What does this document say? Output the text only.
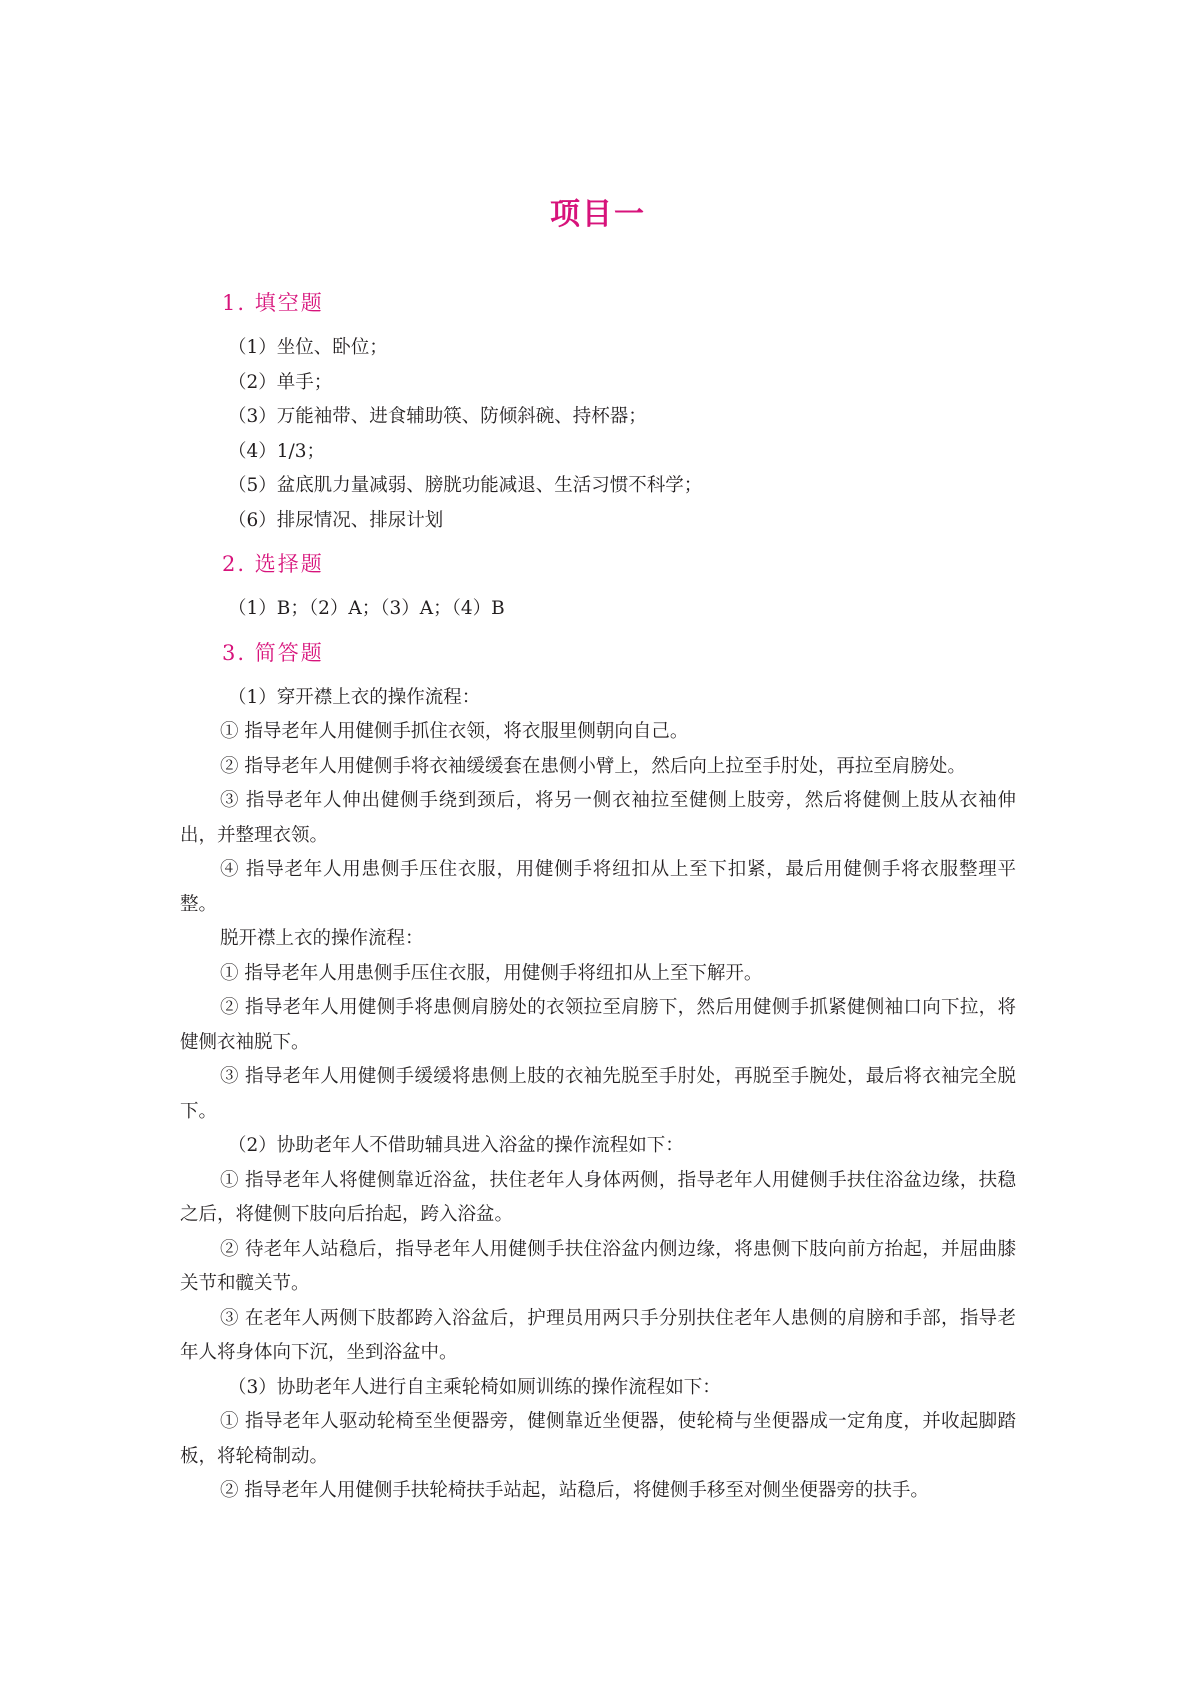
项目一
1. 填空题

（1）坐位、卧位；

（2）单手；

（3）万能袖带、进食辅助筷、防倾斜碗、持杯器；

（4）1/3；

（5）盆底肌力量减弱、膀胱功能减退、生活习惯不科学；

（6）排尿情况、排尿计划

2. 选择题

（1）B；（2）A；（3）A；（4）B

3. 简答题

（1）穿开襟上衣的操作流程：

① 指导老年人用健侧手抓住衣领，将衣服里侧朝向自己。

② 指导老年人用健侧手将衣袖缓缓套在患侧小臂上，然后向上拉至手肘处，再拉至肩膀处。

③ 指导老年人伸出健侧手绕到颈后，将另一侧衣袖拉至健侧上肢旁，然后将健侧上肢从衣袖伸出，并整理衣领。

④ 指导老年人用患侧手压住衣服，用健侧手将纽扣从上至下扣紧，最后用健侧手将衣服整理平整。

脱开襟上衣的操作流程：

① 指导老年人用患侧手压住衣服，用健侧手将纽扣从上至下解开。

② 指导老年人用健侧手将患侧肩膀处的衣领拉至肩膀下，然后用健侧手抓紧健侧袖口向下拉，将健侧衣袖脱下。

③ 指导老年人用健侧手缓缓将患侧上肢的衣袖先脱至手肘处，再脱至手腕处，最后将衣袖完全脱下。

（2）协助老年人不借助辅具进入浴盆的操作流程如下：

① 指导老年人将健侧靠近浴盆，扶住老年人身体两侧，指导老年人用健侧手扶住浴盆边缘，扶稳之后，将健侧下肢向后抬起，跨入浴盆。

② 待老年人站稳后，指导老年人用健侧手扶住浴盆内侧边缘，将患侧下肢向前方抬起，并屈曲膝关节和髋关节。

③ 在老年人两侧下肢都跨入浴盆后，护理员用两只手分别扶住老年人患侧的肩膀和手部，指导老年人将身体向下沉，坐到浴盆中。

（3）协助老年人进行自主乘轮椅如厕训练的操作流程如下：

① 指导老年人驱动轮椅至坐便器旁，健侧靠近坐便器，使轮椅与坐便器成一定角度，并收起脚踏板，将轮椅制动。

② 指导老年人用健侧手扶轮椅扶手站起，站稳后，将健侧手移至对侧坐便器旁的扶手。
